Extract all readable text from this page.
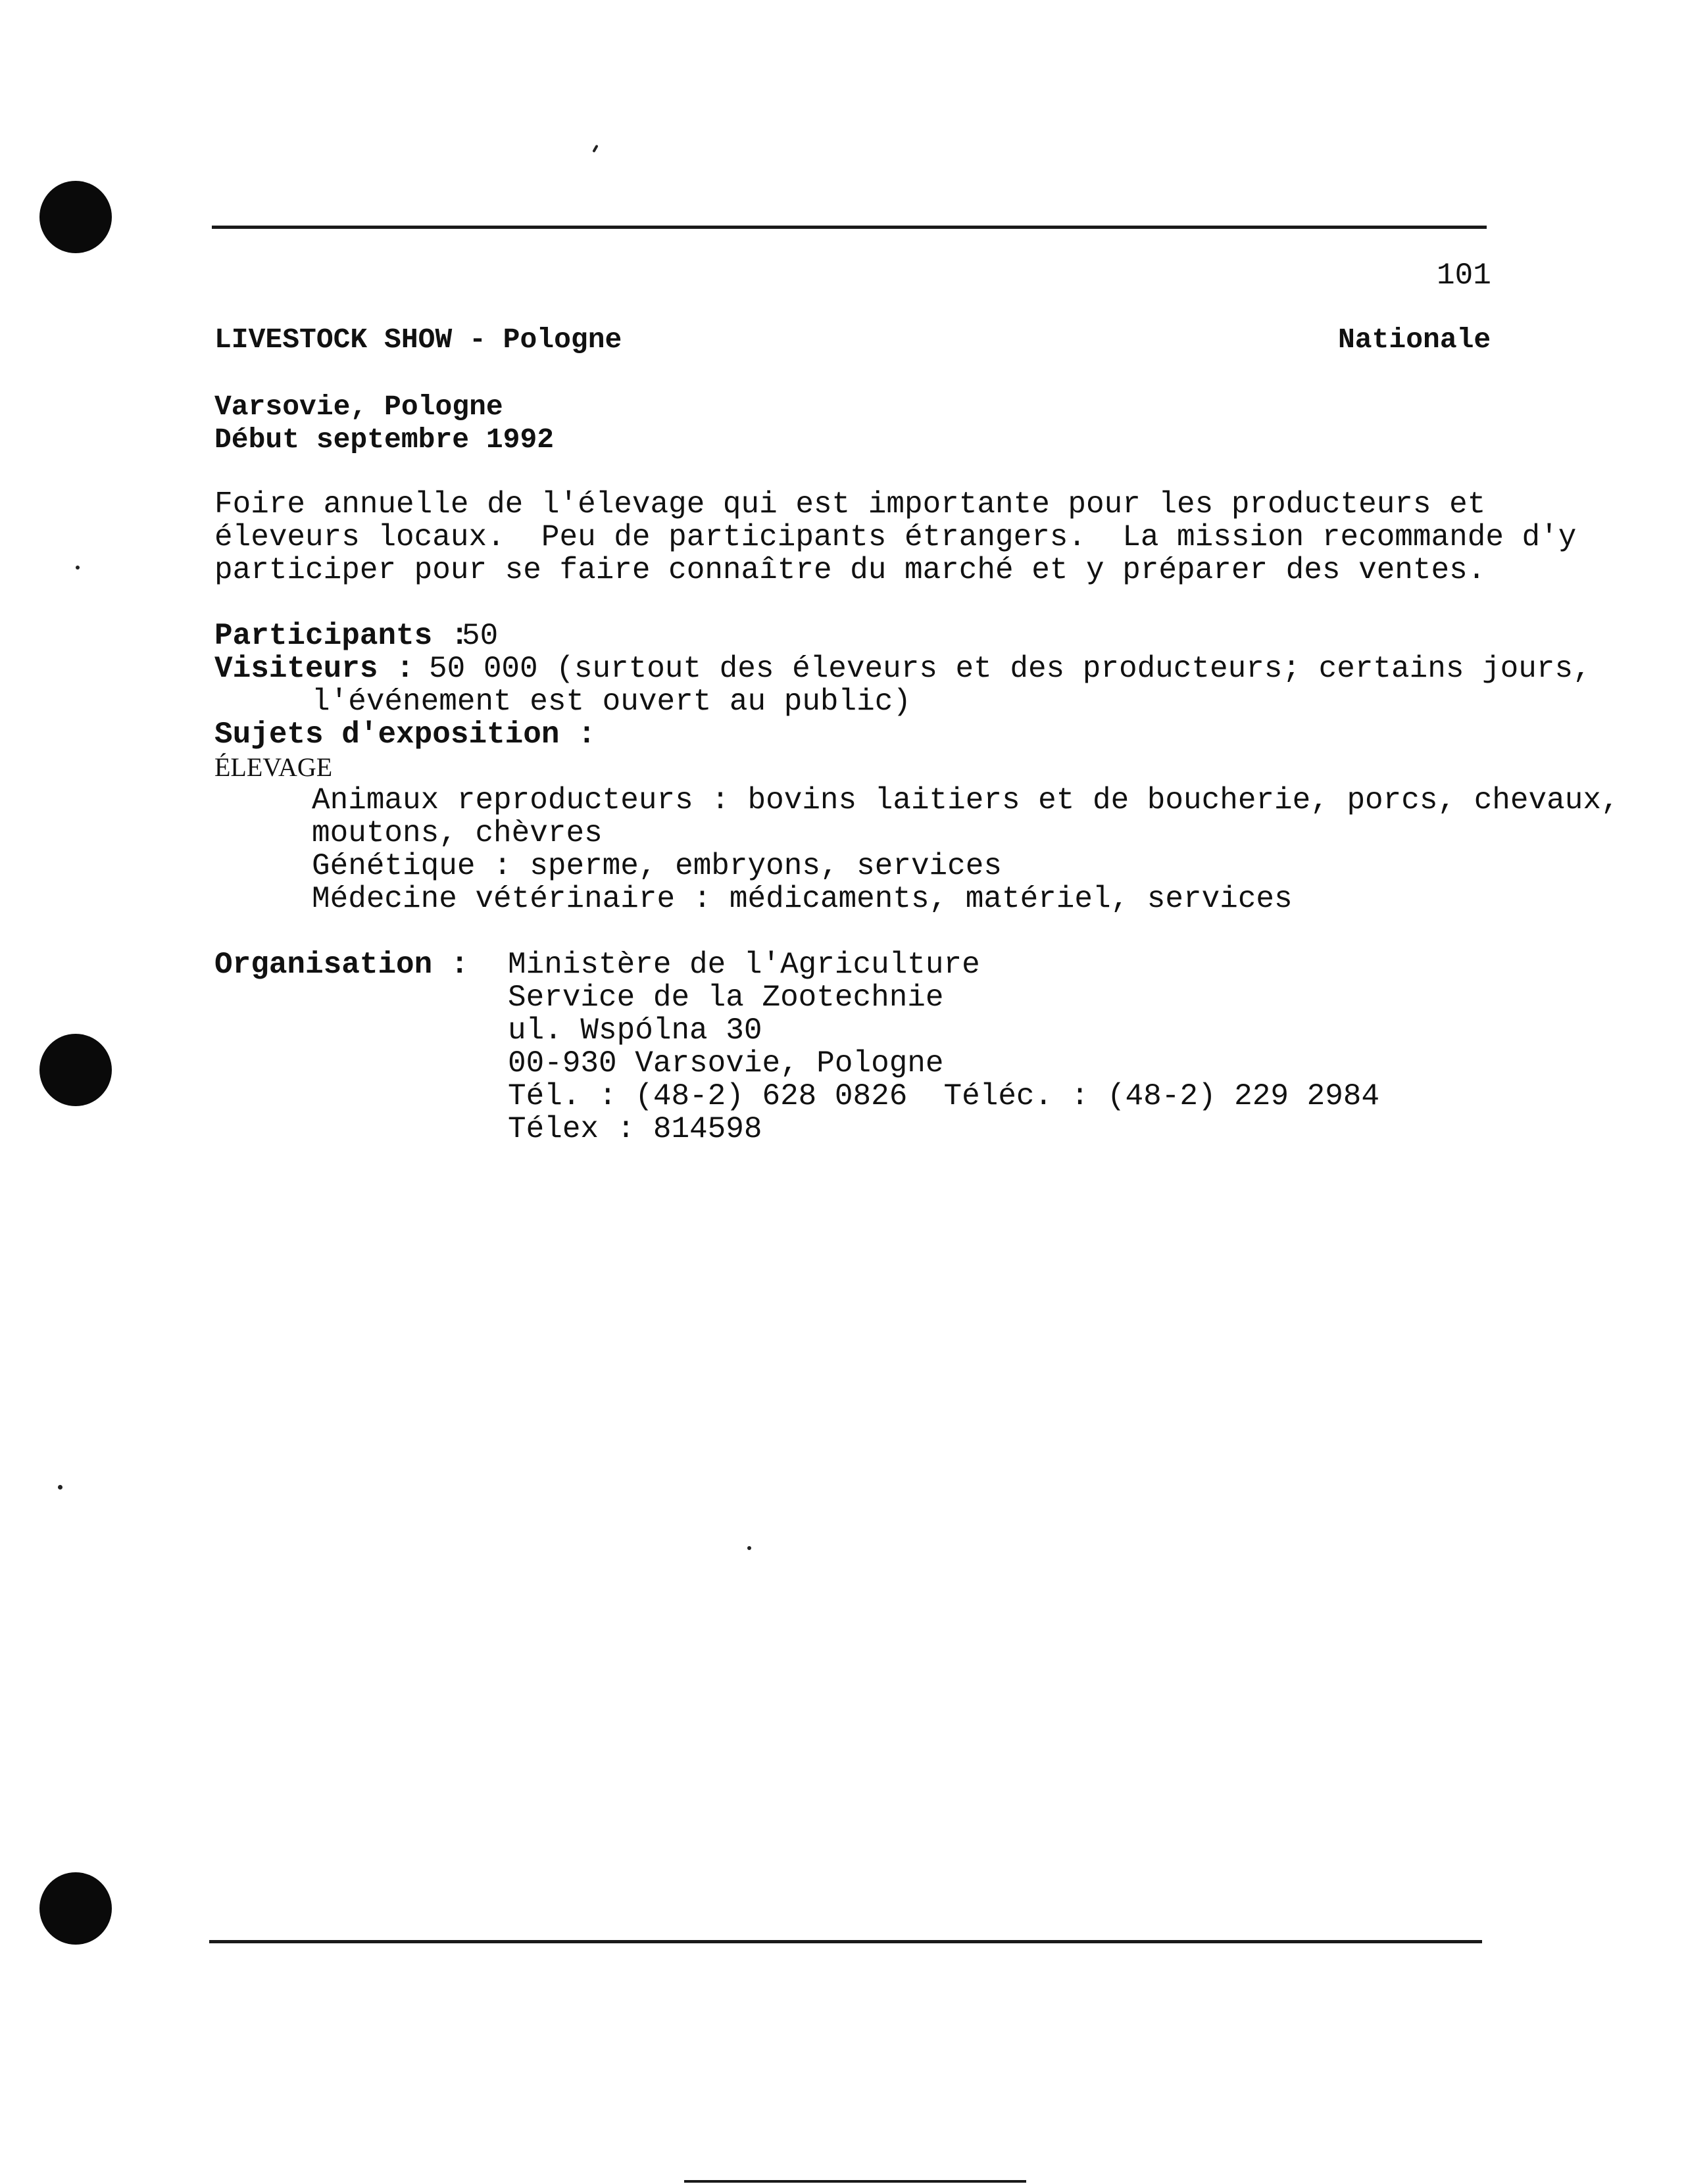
101
LIVESTOCK SHOW - Pologne	Nationale
Varsovie, Pologne
Début septembre 1992
Foire annuelle de l'élevage qui est importante pour les producteurs et
éleveurs locaux.  Peu de participants étrangers.  La mission recommande d'y
participer pour se faire connaître du marché et y préparer des ventes.
Participants :
50
Visiteurs : 50 000 (surtout des éleveurs et des producteurs; certains jours,
l'événement est ouvert au public)
Sujets d'exposition :
ÉLEVAGE
Animaux reproducteurs : bovins laitiers et de boucherie, porcs, chevaux,
moutons, chèvres
Génétique : sperme, embryons, services
Médecine vétérinaire : médicaments, matériel, services
Organisation : Ministère de l'Agriculture
Service de la Zootechnie
ul. Wspólna 30
00-930 Varsovie, Pologne
Tél. : (48-2) 628 0826  Téléc. : (48-2) 229 2984
Télex : 814598
